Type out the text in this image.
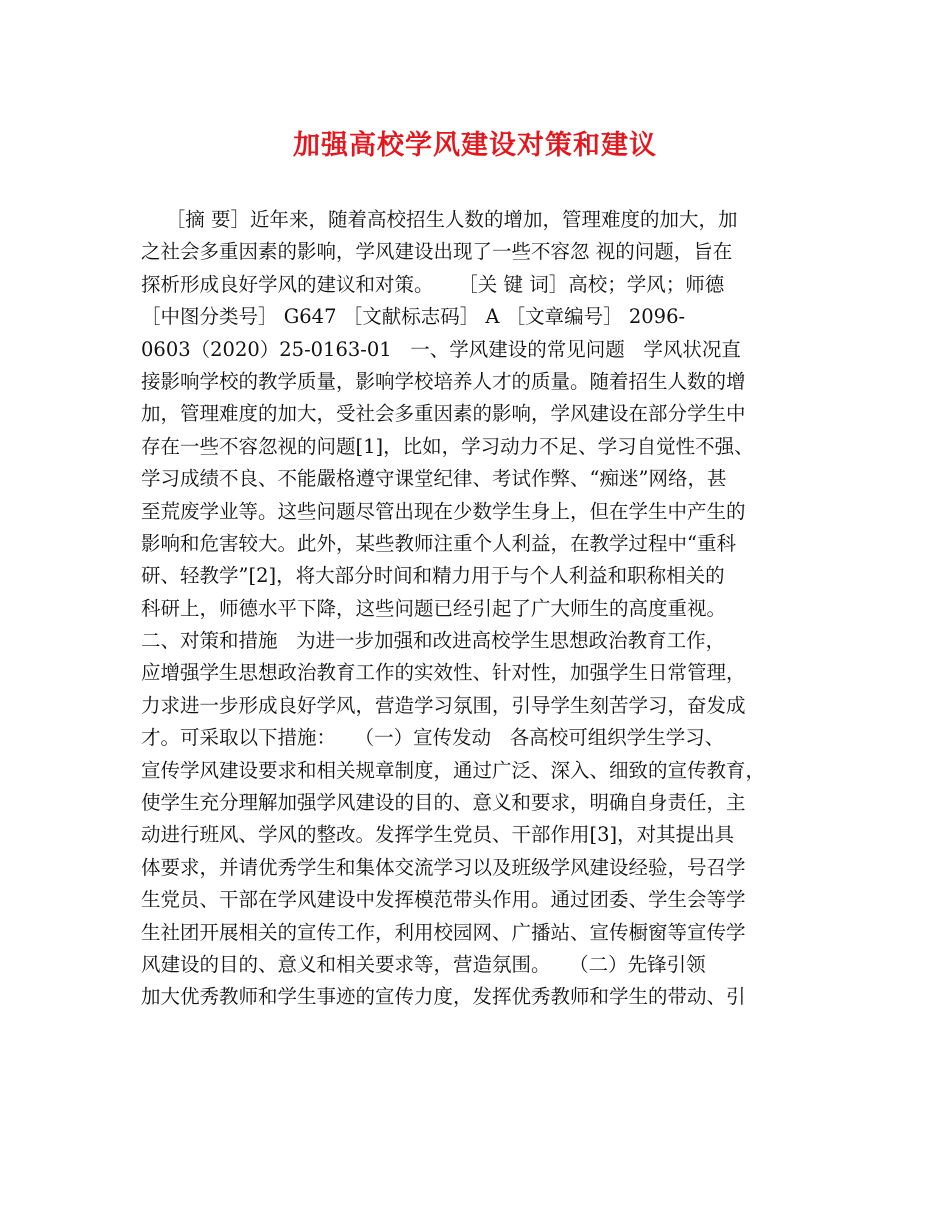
加强高校学风建设对策和建议
［摘 要］近年来，随着高校招生人数的增加，管理难度的加大，加
之社会多重因素的影响，学风建设出现了一些不容忽 视的问题，旨在
探析形成良好学风的建议和对策。    ［关 键 词］高校；学风；师德
［中图分类号］ G647 ［文献标志码］ A ［文章编号］ 2096-
0603（2020）25-0163-01   一、学风建设的常见问题   学风状况直
接影响学校的教学质量，影响学校培养人才的质量。随着招生人数的增
加，管理难度的加大，受社会多重因素的影响，学风建设在部分学生中
存在一些不容忽视的问题[1]，比如，学习动力不足、学习自觉性不强、
学习成绩不良、不能嚴格遵守课堂纪律、考试作弊、“痴迷”网络，甚
至荒废学业等。这些问题尽管出现在少数学生身上，但在学生中产生的
影响和危害较大。此外，某些教师注重个人利益，在教学过程中“重科
研、轻教学”[2]，将大部分时间和精力用于与个人利益和职称相关的
科研上，师德水平下降，这些问题已经引起了广大师生的高度重视。
二、对策和措施   为进一步加强和改进高校学生思想政治教育工作，
应增强学生思想政治教育工作的实效性、针对性，加强学生日常管理，
力求进一步形成良好学风，营造学习氛围，引导学生刻苦学习，奋发成
才。可采取以下措施：   （一）宣传发动   各高校可组织学生学习、
宣传学风建设要求和相关规章制度，通过广泛、深入、细致的宣传教育，
使学生充分理解加强学风建设的目的、意义和要求，明确自身责任，主
动进行班风、学风的整改。发挥学生党员、干部作用[3]，对其提出具
体要求，并请优秀学生和集体交流学习以及班级学风建设经验，号召学
生党员、干部在学风建设中发挥模范带头作用。通过团委、学生会等学
生社团开展相关的宣传工作，利用校园网、广播站、宣传橱窗等宣传学
风建设的目的、意义和相关要求等，营造氛围。   （二）先锋引领
加大优秀教师和学生事迹的宣传力度，发挥优秀教师和学生的带动、引
